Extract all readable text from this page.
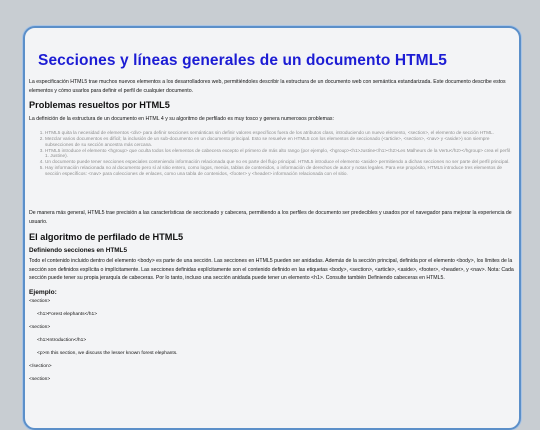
Secciones y líneas generales de un documento HTML5

La especificación HTML5 trae muchos nuevos elementos a los desarrolladores web, permitiéndoles describir la estructura de un documento web con semántica estandarizada. Este documento describe estos elementos y cómo usarlos para definir el perfil de cualquier documento.

Problemas resueltos por HTML5

La definición de la estructura de un documento en HTML 4 y su algoritmo de perfilado es muy tosco y genera numerosos problemas:

1. HTML5 quita la necesidad de elementos <div> para definir secciones semánticas sin definir valores específicos fuera de los atributos class, introduciendo un nuevo elemento, <section>, el elemento de sección HTML.
2. Mezclar varios documentos es difícil; la inclusión de un sub-documento en un documento principal. Esto se resuelve en HTML5 con los elementos de seccionado (<article>, <section>, <nav> y <aside>) son siempre subsecciones de su sección ancestra más cercana.
3. HTML5 introduce el elemento <hgroup> que oculta todos los elementos de cabecera excepto el primero de más alto rango (por ejemplo, <hgroup><h1>Justine</h1><h2>Les Malheurs de la Vertu</h2></hgroup> crea el perfil 1. Justine).
4. Un documento puede tener secciones especiales conteniendo información relacionada que no es parte del flujo principal. HTML5 introduce el elemento <aside> permitiendo a dichas secciones no ser parte del perfil principal.
5. Hay información relacionada no al documento pero sí al sitio entero, como logos, menús, tablas de contenidos, o información de derechos de autor y notas legales. Para ese propósito, HTML5 introduce tres elementos de sección específicos: <nav> para colecciones de enlaces, como una tabla de contenidos, <footer> y <header> información relacionada con el sitio.

De manera más general, HTML5 trae precisión a las características de seccionado y cabecera, permitiendo a los perfiles de documento ser predecibles y usados por el navegador para mejorar la experiencia de usuario.

El algoritmo de perfilado de HTML5
Definiendo secciones en HTML5

Todo el contenido incluido dentro del elemento <body> es parte de una sección. Las secciones en HTML5 pueden ser anidadas. Además de la sección principal, definida por el elemento <body>, los límites de la sección son definidos explícita o implícitamente. Las secciones definidas explícitamente son el contenido definido en las etiquetas <body>, <section>, <article>, <aside>, <footer>, <header>, y <nav>. Nota: Cada sección puede tener su propia jerarquía de cabeceras. Por lo tanto, incluso una sección anidada puede tener un elemento <h1>. Consulte también Definiendo cabeceras en HTML5.

Ejemplo:
<section>
<h1>Forest elephants</h1>
<section>
<h1>Introduction</h1>
<p>In this section, we discuss the lesser known forest elephants.
</section>
<section>
